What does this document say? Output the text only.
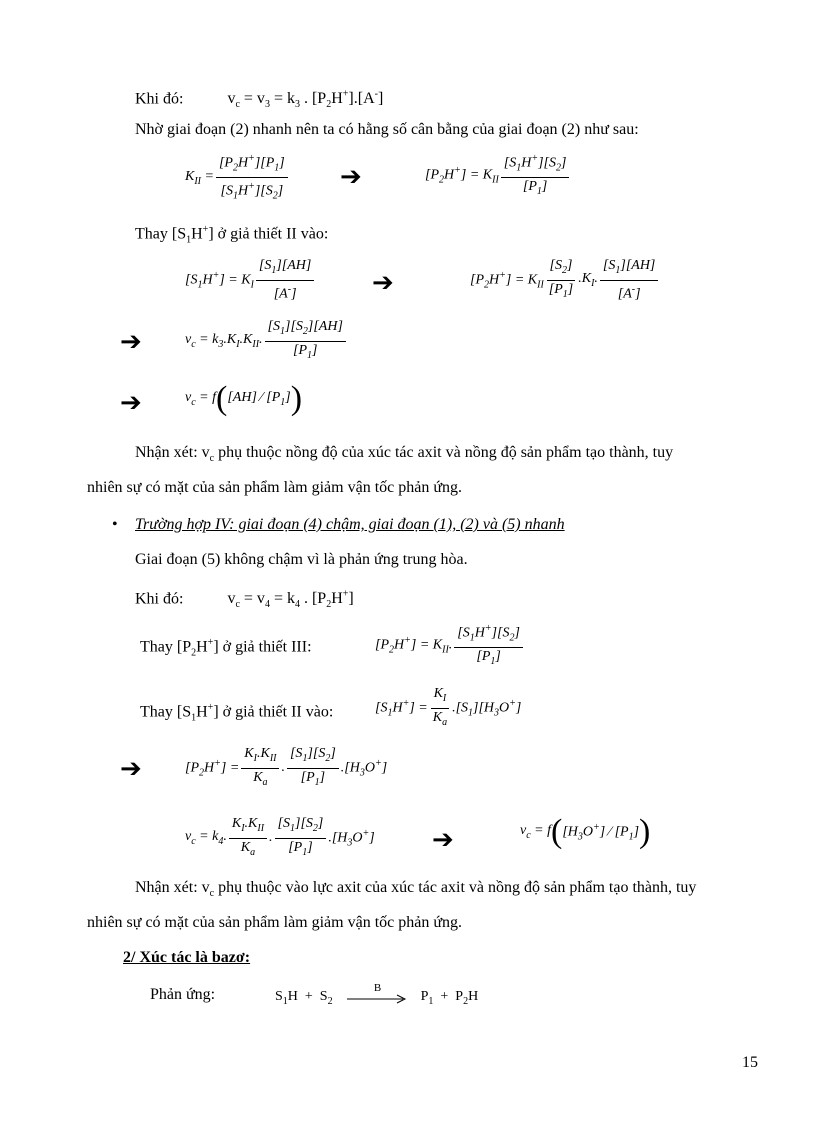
Khi đó:	$v_c = v_3 = k_3$ . $[P_2H^+].[A^-]$
Nhờ giai đoạn (2) nhanh nên ta có hằng số cân bằng của giai đoạn (2) như sau:
$K_{II} = \frac{[P_2H^+][P_1]}{[S_1H^+][S_2]}$ ➔	$[P_2H^+] = K_{II} \frac{[S_1H^+][S_2]}{[P_1]}$
Thay $[S_1H^+]$ ở giả thiết II vào:
$[S_1H^+] = K_I \frac{[S_1][AH]}{[A^-]}$ ➔	$[P_2H^+] = K_{II} \frac{[S_2]}{[P_1]} .K_I$. $\frac{[S_1][AH]}{[A^-]}$
➔	$v_c = k_3.K_I.K_{II}$. $\frac{[S_1][S_2][AH]}{[P_1]}$
➔	$v_c = f$ ( [AH] ⁄ $[P_1]$ )
Nhận xét: $v_c$ phụ thuộc nồng độ của xúc tác axit và nồng độ sản phẩm tạo thành, tuy
nhiên sự có mặt của sản phẩm làm giảm vận tốc phản ứng.
• Trường hợp IV: giai đoạn (4) chậm, giai đoạn (1), (2) và (5) nhanh
Giai đoạn (5) không chậm vì là phản ứng trung hòa.
Khi đó:	$v_c = v_4 = k_4$ . $[P_2H^+]$
Thay $[P_2H^+]$ ở giả thiết III:	$[P_2H^+] = K_{II}$. $\frac{[S_1H^+][S_2]}{[P_1]}$
Thay $[S_1H^+]$ ở giả thiết II vào:	$[S_1H^+] = \frac{K_I}{K_a} .[S_1][H_3O^+]$
➔	$[P_2H^+] = \frac{K_I.K_{II}}{K_a}$ . $\frac{[S_1][S_2]}{[P_1]} .[H_3O^+]$
$v_c = k_4$. $\frac{K_I.K_{II}}{K_a}$ . $\frac{[S_1][S_2]}{[P_1]} .[H_3O^+]$ ➔	$v_c = f$ ( $[H_3O^+]$ ⁄ $[P_1]$ )
Nhận xét: $v_c$ phụ thuộc vào lực axit của xúc tác axit và nồng độ sản phẩm tạo thành, tuy
nhiên sự có mặt của sản phẩm làm giảm vận tốc phản ứng.
2/ Xúc tác là bazơ:
Phản ứng:	$S_1H + S_2$
B
$P_1 + P_2H$
15
